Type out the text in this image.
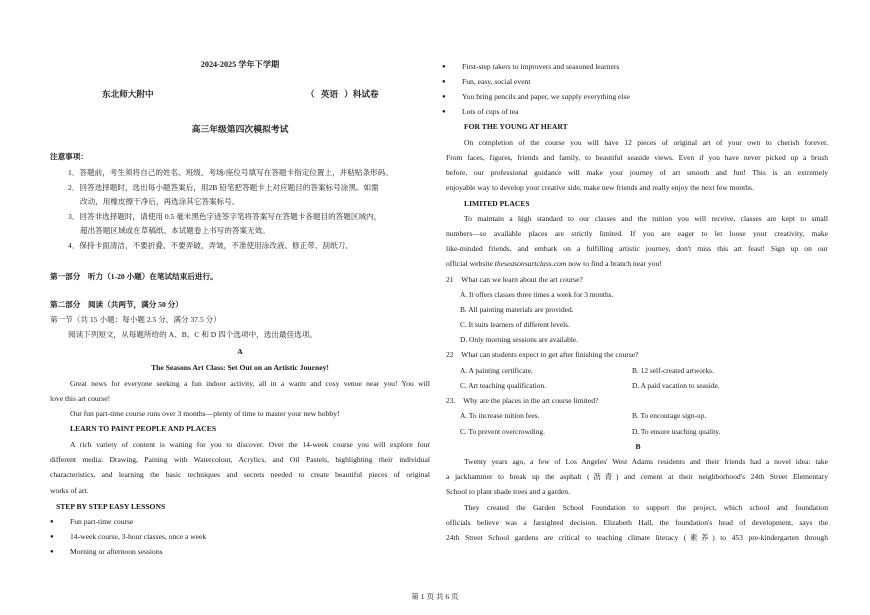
2024-2025 学年下学期
东北师大附中	（ 英语 ）科试卷
高三年级第四次模拟考试
注意事项：
1．答题前，考生须将自己的姓名、班级、考场/座位号填写在答题卡指定位置上，并粘贴条形码。
2．回答选择题时，选出每小题答案后，用2B 铅笔把答题卡上对应题目的答案标号涂黑。如需
改动，用橡皮擦干净后，再选涂其它答案标号。
3．回答非选择题时，请使用 0.5 毫米黑色字迹签字笔将答案写在答题卡各题目的答题区域内，
超出答题区域或在草稿纸、本试题卷上书写的答案无效。
4．保持卡面清洁，不要折叠、不要弄破、弄皱，不准使用涂改液、修正带、刮纸刀。
第一部分　听力（1-20 小题）在笔试结束后进行。
第二部分　阅读（共两节，满分 50 分）
第一节（共 15 小题；每小题 2.5 分，满分 37.5 分）
阅读下列短文，从每题所给的 A、B、C 和 D 四个选项中，选出最佳选项。
A
The Seasons Art Class: Set Out on an Artistic Journey!
Great news for everyone seeking a fun indoor activity, all in a warm and cosy venue near you! You will
love this art course!
Our fun part-time course runs over 3 months—plenty of time to master your new hobby!
LEARN TO PAINT PEOPLE AND PLACES
A rich variety of content is waiting for you to discover. Over the 14-week course you will explore four
different media: Drawing, Paining with Watercolour, Acrylics, and Oil Pastels, highlighting their individual
characteristics, and learning the basic techniques and secrets needed to create beautiful pieces of original
works of art.
STEP BY STEP EASY LESSONS
● Fun part-time course
● 14-week course, 3-hour classes, once a week
● Morning or afternoon sessions
● First-step takers to improvers and seasoned learners
● Fun, easy, social event
● You bring pencils and paper, we supply everything else
● Lots of cups of tea
FOR THE YOUNG AT HEART
On completion of the course you will have 12 pieces of original art of your own to cherish forever.
From faces, figures, friends and family, to beautiful seaside views. Even if you have never picked up a brush
before, our professional guidance will make your journey of art smooth and fun! This is an extremely
enjoyable way to develop your creative side, make new friends and really enjoy the next few months.
LIMITED PLACES
To maintain a high standard to our classes and the tuition you will receive, classes are kept to small
numbers—so available places are strictly limited. If you are eager to let loose your creativity, make
like-minded friends, and embark on a fulfilling artistic journey, don't miss this art feast! Sign up on our
official website theseasonsartclass.com now to find a branch near you!
21　What can we learn about the art course?
A. It offers classes three times a week for 3 months.
B. All painting materials are provided.
C. It suits learners of different levels.
D. Only morning sessions are available.
22　What can students expect to get after finishing the course?
A. A painting certificate.	B. 12 self-created artworks.
C. Art teaching qualification.	D. A paid vacation to seaside.
23.　Why are the places in the art course limited?
A. To increase tuition fees.	B. To encourage sign-up.
C. To prevent overcrowding.	D. To ensure teaching quality.
B
Twenty years ago, a few of Los Angeles' West Adams residents and their friends had a novel idea: take
a jackhammer to break up the asphalt (沥青) and cement at their neighborhood's 24th Street Elementary
School to plant shade trees and a garden.
They created the Garden School Foundation to support the project, which school and foundation
officials believe was a farsighted decision. Elizabeth Hall, the foundation's head of development, says the
24th Street School gardens are critical to teaching climate literacy (素养) to 453 pre-kindergarten through
第 1 页 共 6 页
